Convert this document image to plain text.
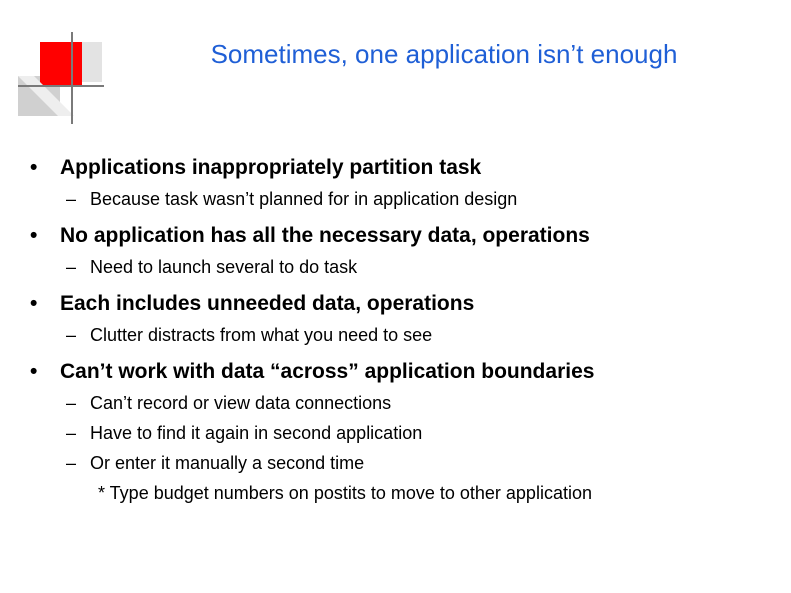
Sometimes, one application isn’t enough
•	Applications inappropriately partition task
– Because task wasn’t planned for in application design
•	No application has all the necessary data, operations
– Need to launch several to do task
•	Each includes unneeded data, operations
– Clutter distracts from what you need to see
•	Can’t work with data “across” application boundaries
– Can’t record or view data connections
– Have to find it again in second application
– Or enter it manually a second time
* Type budget numbers on postits to move to other application
